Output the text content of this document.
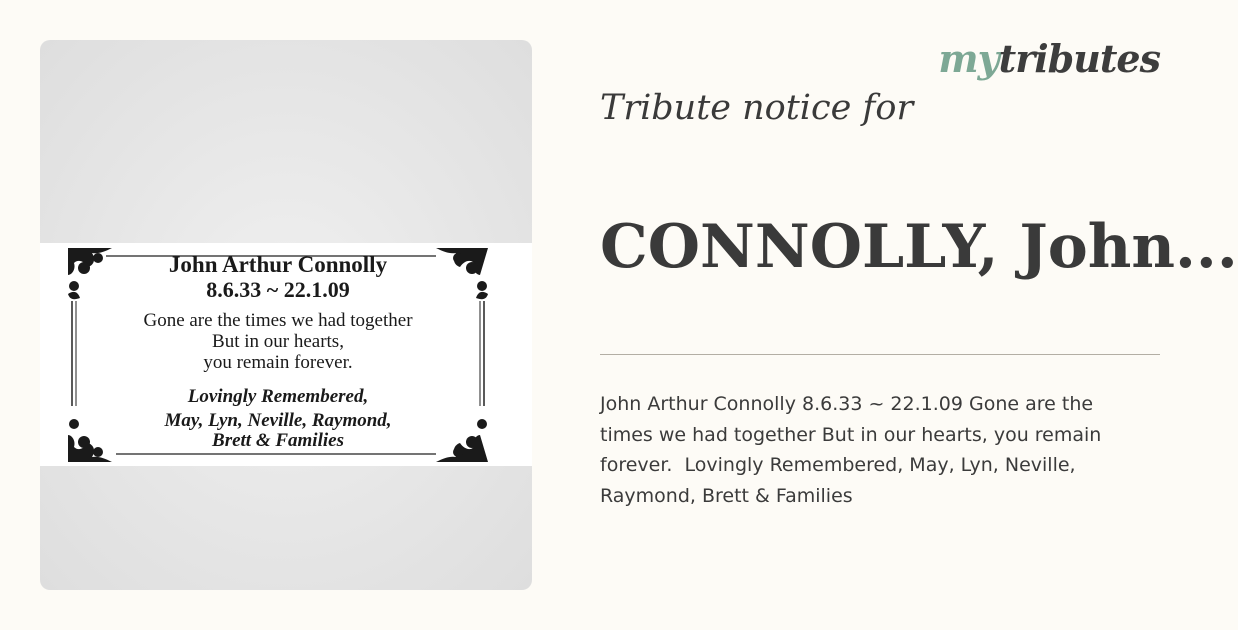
John Arthur Connolly
8.6.33 ~ 22.1.09
Gone are the times we had together
But in our hearts,
you remain forever.
Lovingly Remembered,
May, Lyn, Neville, Raymond,
Brett & Families
mytributes
Tribute notice for
CONNOLLY, John...
John Arthur Connolly 8.6.33 ~ 22.1.09 Gone are the times we had together But in our hearts, you remain forever.  Lovingly Remembered, May, Lyn, Neville, Raymond, Brett & Families
